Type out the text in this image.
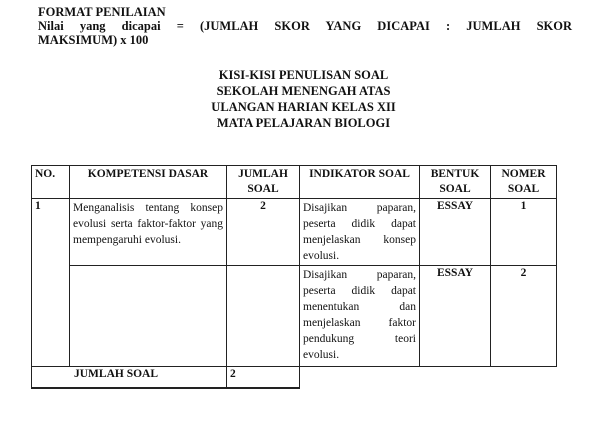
FORMAT PENILAIAN
Nilai yang dicapai = (JUMLAH SKOR YANG DICAPAI : JUMLAH SKOR
MAKSIMUM) x 100
KISI-KISI PENULISAN SOAL
SEKOLAH MENENGAH ATAS
ULANGAN HARIAN KELAS XII
MATA PELAJARAN BIOLOGI
NO.	KOMPETENSI DASAR	JUMLAH SOAL	INDIKATOR SOAL	BENTUK SOAL	NOMER SOAL
1	Menganalisis tentang konsep evolusi serta faktor-faktor yang mempengaruhi evolusi.	2	Disajikan paparan, peserta didik dapat menjelaskan konsep evolusi.	ESSAY	1
			Disajikan paparan, peserta didik dapat menentukan dan menjelaskan faktor pendukung teori evolusi.	ESSAY	2
JUMLAH SOAL		2			
